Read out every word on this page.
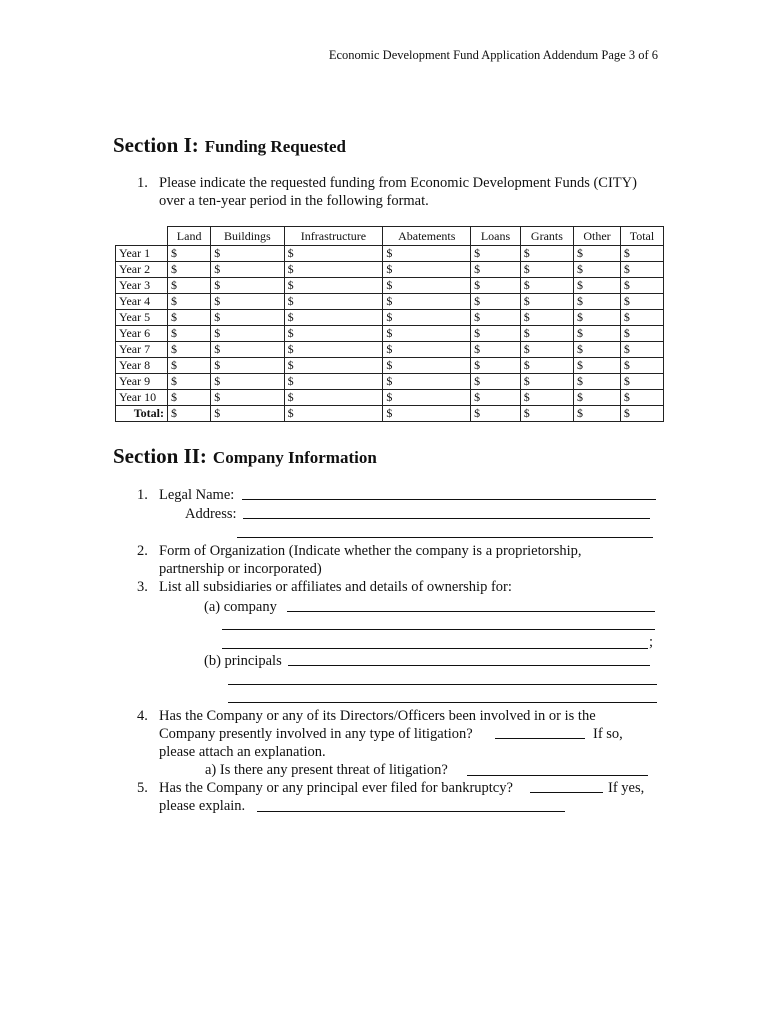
Economic Development Fund Application Addendum Page 3 of 6
Section I: Funding Requested
1. Please indicate the requested funding from Economic Development Funds (CITY)
over a ten-year period in the following format.
	Land	Buildings	Infrastructure	Abatements	Loans	Grants	Other	Total
Year 1	$	$	$	$	$	$	$	$
Year 2	$	$	$	$	$	$	$	$
Year 3	$	$	$	$	$	$	$	$
Year 4	$	$	$	$	$	$	$	$
Year 5	$	$	$	$	$	$	$	$
Year 6	$	$	$	$	$	$	$	$
Year 7	$	$	$	$	$	$	$	$
Year 8	$	$	$	$	$	$	$	$
Year 9	$	$	$	$	$	$	$	$
Year 10	$	$	$	$	$	$	$	$
Total:	$	$	$	$	$	$	$	$
Section II: Company Information
1. Legal Name:
Address:
2. Form of Organization (Indicate whether the company is a proprietorship,
partnership or incorporated)
3. List all subsidiaries or affiliates and details of ownership for:
(a) company
;
(b) principals
4. Has the Company or any of its Directors/Officers been involved in or is the
Company presently involved in any type of litigation?	If so,
please attach an explanation.
a) Is there any present threat of litigation?
5. Has the Company or any principal ever filed for bankruptcy?	If yes,
please explain.
